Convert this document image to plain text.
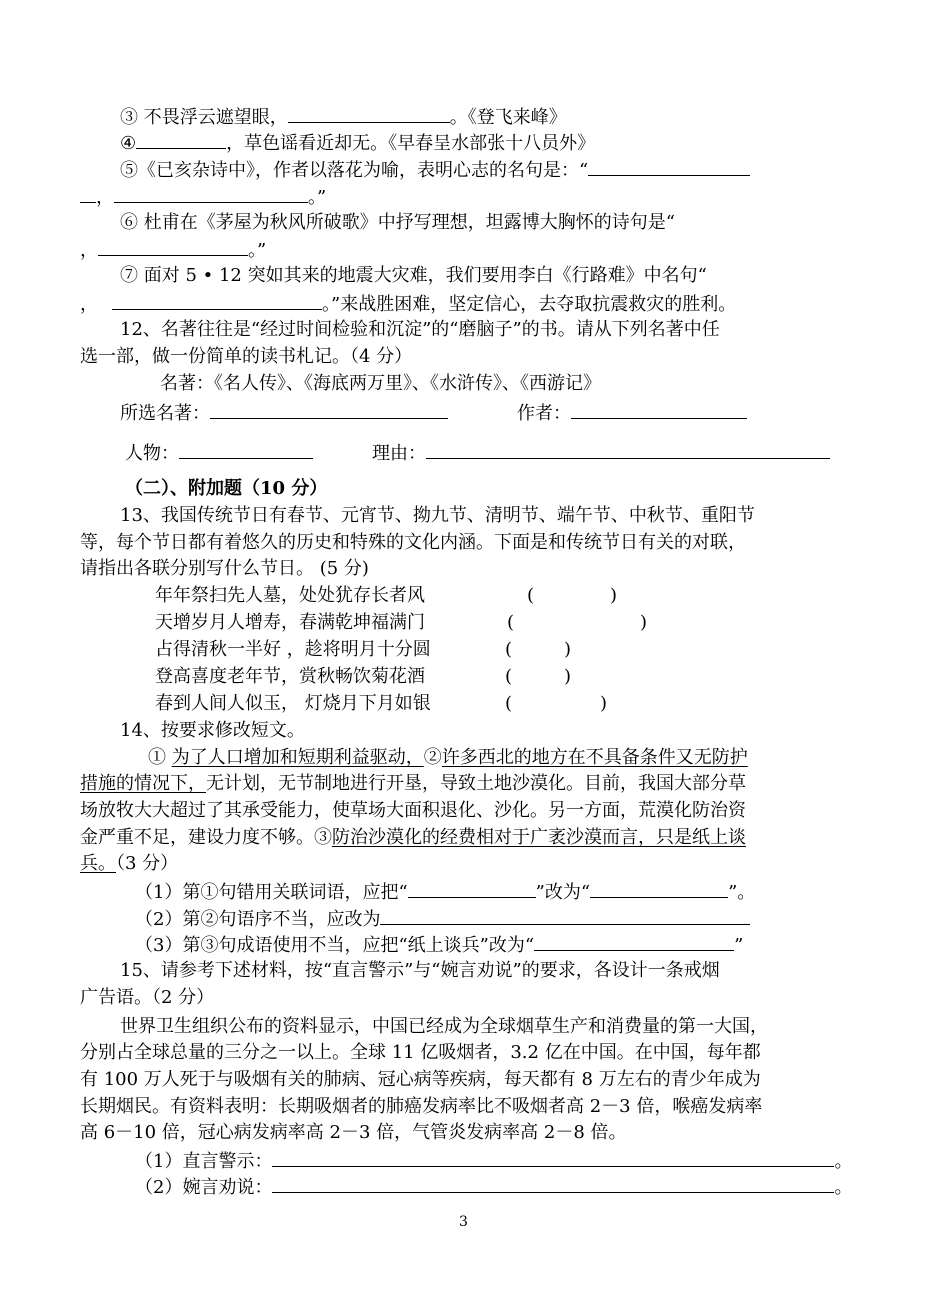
③ 不畏浮云遮望眼，	。《登飞来峰》
④	，草色谣看近却无。《早春呈水部张十八员外》
⑤《已亥杂诗中》，作者以落花为喻，表明心志的名句是：“
，	。”
⑥ 杜甫在《茅屋为秋风所破歌》中抒写理想，坦露博大胸怀的诗句是“
，	。”
⑦ 面对 5 • 12 突如其来的地震大灾难，我们要用李白《行路难》中名句“
，	。”来战胜困难，坚定信心，去夺取抗震救灾的胜利。
12、名著往往是“经过时间检验和沉淀”的“磨脑子”的书。请从下列名著中任
选一部，做一份简单的读书札记。（4 分）
名著：《名人传》、《海底两万里》、《水浒传》、《西游记》
所选名著：	作者：
人物：	理由：
（二）、附加题（10 分）
13、我国传统节日有春节、元宵节、拗九节、清明节、端午节、中秋节、重阳节
等，每个节日都有着悠久的历史和特殊的文化内涵。下面是和传统节日有关的对联，
请指出各联分别写什么节日。 (5 分)
年年祭扫先人墓，处处犹存长者风	(	)
天增岁月人增寿，春满乾坤福满门	(	)
占得清秋一半好 ，趁将明月十分圆	(	)
登高喜度老年节，赏秋畅饮菊花酒	(	)
春到人间人似玉， 灯烧月下月如银	(	)
14、按要求修改短文。
① 为了人口增加和短期利益驱动，②许多西北的地方在不具备条件又无防护
措施的情况下，无计划，无节制地进行开垦，导致土地沙漠化。目前，我国大部分草
场放牧大大超过了其承受能力，使草场大面积退化、沙化。另一方面，荒漠化防治资
金严重不足，建设力度不够。③防治沙漠化的经费相对于广袤沙漠而言，只是纸上谈
兵。（3 分）
（1）第①句错用关联词语，应把“	”改为“	”。
（2）第②句语序不当，应改为
（3）第③句成语使用不当，应把“纸上谈兵”改为“	”
15、请参考下述材料，按“直言警示”与“婉言劝说”的要求，各设计一条戒烟
广告语。（2 分）
世界卫生组织公布的资料显示，中国已经成为全球烟草生产和消费量的第一大国，
分别占全球总量的三分之一以上。全球 11 亿吸烟者，3.2 亿在中国。在中国，每年都
有 100 万人死于与吸烟有关的肺病、冠心病等疾病，每天都有 8 万左右的青少年成为
长期烟民。有资料表明：长期吸烟者的肺癌发病率比不吸烟者高 2－3 倍，喉癌发病率
高 6－10 倍，冠心病发病率高 2－3 倍，气管炎发病率高 2－8 倍。
（1）直言警示：	。
（2）婉言劝说：	。
3
